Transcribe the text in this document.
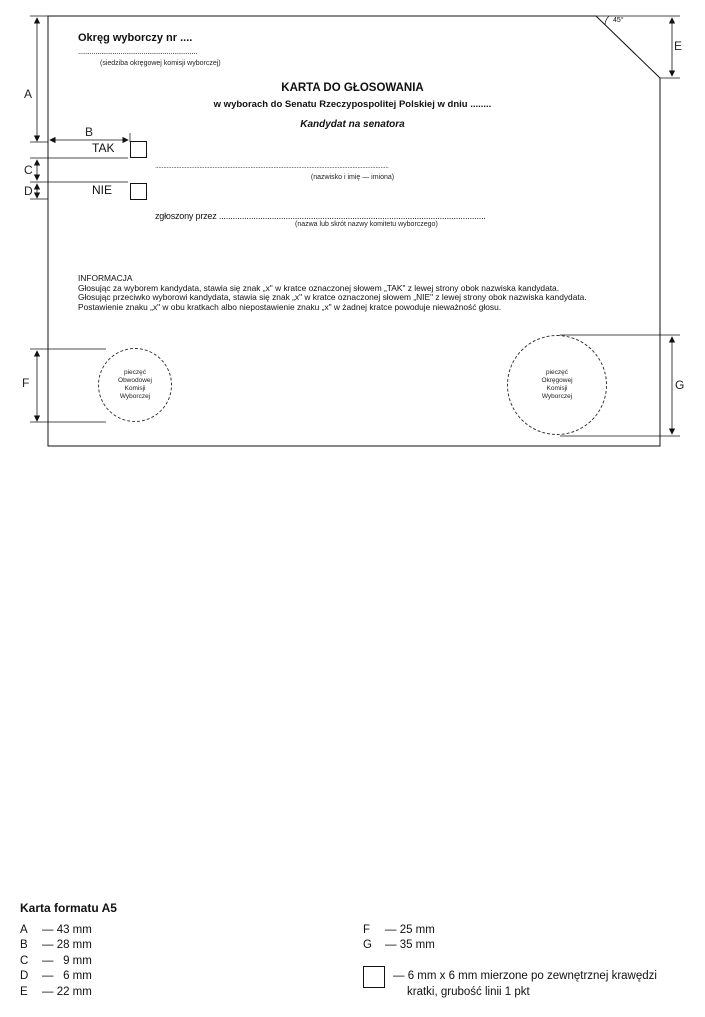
45°
A
B
C
D
E
F	G
Okręg wyborczy nr ....
..............................................................
(siedziba okręgowej komisji wyborczej)
KARTA DO GŁOSOWANIA
w wyborach do Senatu Rzeczypospolitej Polskiej w dniu ........
Kandydat na senatora
TAK
NIE
..............................................................................................................................................
(nazwisko i imię — imiona)
zgłoszony przez ....................................................................................................................
(nazwa lub skrót nazwy komitetu wyborczego)
INFORMACJA
Głosując za wyborem kandydata, stawia się znak „x" w kratce oznaczonej słowem „TAK" z lewej strony obok nazwiska kandydata.
Głosując przeciwko wyborowi kandydata, stawia się znak „x" w kratce oznaczonej słowem „NIE" z lewej strony obok nazwiska kandydata.
Postawienie znaku „x" w obu kratkach albo niepostawienie znaku „x" w żadnej kratce powoduje nieważność głosu.
pieczęć
Obwodowej
Komisji
Wyborczej
pieczęć
Okręgowej
Komisji
Wyborczej
Karta formatu A5
A — 43 mm
B — 28 mm
C —   9 mm
D —   6 mm
E — 22 mm
F — 25 mm
G — 35 mm
— 6 mm x 6 mm mierzone po zewnętrznej krawędzi
kratki, grubość linii 1 pkt
